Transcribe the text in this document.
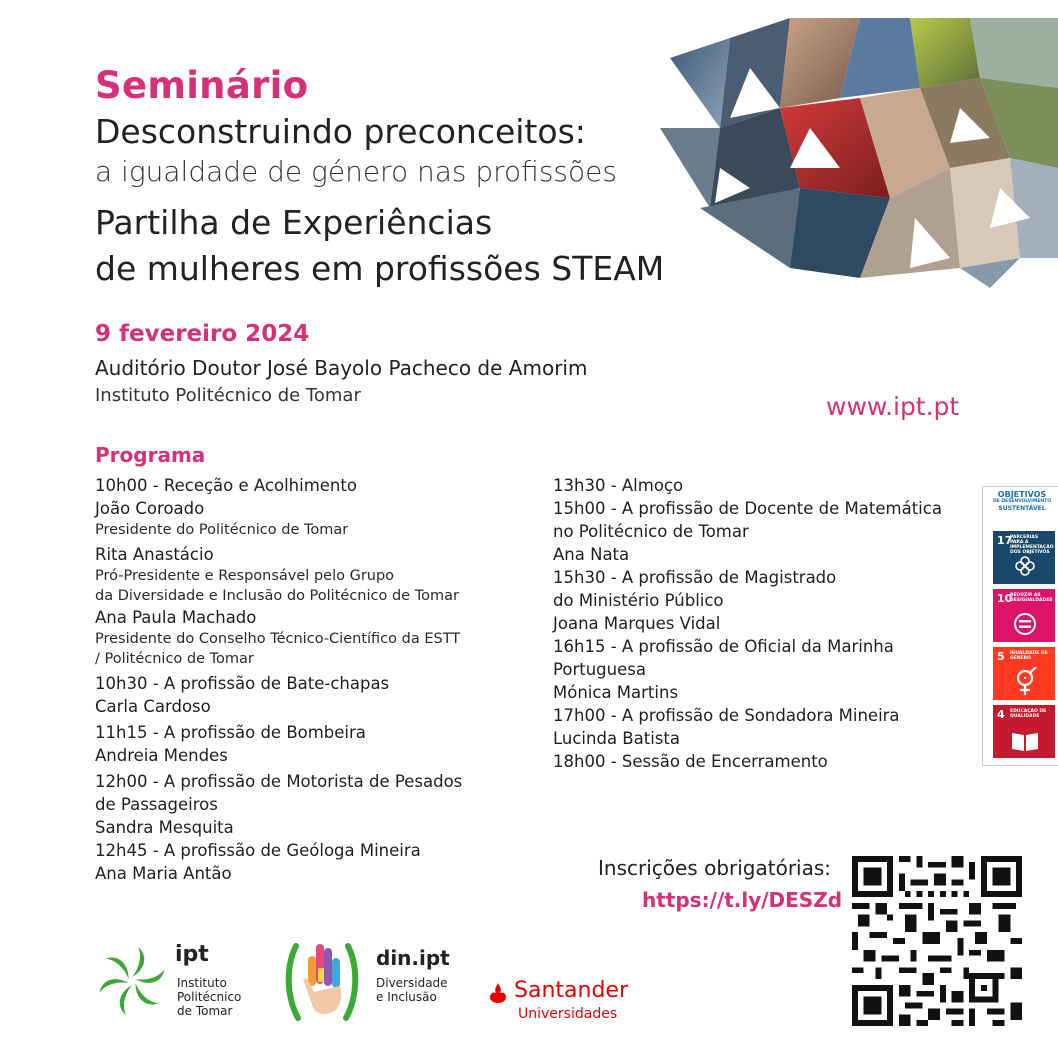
Seminário
Desconstruindo preconceitos:
a igualdade de género nas profissões
Partilha de Experiências
de mulheres em profissões STEAM
9 fevereiro 2024
Auditório Doutor José Bayolo Pacheco de Amorim
Instituto Politécnico de Tomar	www.ipt.pt
Programa
10h00 - Receção e Acolhimento
João Coroado
Presidente do Politécnico de Tomar
Rita Anastácio
Pró-Presidente e Responsável pelo Grupo
da Diversidade e Inclusão do Politécnico de Tomar
Ana Paula Machado
Presidente do Conselho Técnico-Científico da ESTT
/ Politécnico de Tomar
10h30 - A profissão de Bate-chapas
Carla Cardoso
11h15 - A profissão de Bombeira
Andreia Mendes
12h00 - A profissão de Motorista de Pesados
de Passageiros
Sandra Mesquita
12h45 - A profissão de Geóloga Mineira
Ana Maria Antão
13h30 - Almoço
15h00 - A profissão de Docente de Matemática
no Politécnico de Tomar
Ana Nata
15h30 - A profissão de Magistrado
do Ministério Público
Joana Marques Vidal
16h15 - A profissão de Oficial da Marinha
Portuguesa
Mónica Martins
17h00 - A profissão de Sondadora Mineira
Lucinda Batista
18h00 - Sessão de Encerramento
OBJETIVOS
DE DESENVOLVIMENTO
SUSTENTÁVEL
17
PARCERIAS PARA A IMPLEMENTAÇÃO DOS OBJETIVOS
10
REDUZIR AS DESIGUALDADES
5 IGUALDADE DE GÉNERO
4 EDUCAÇÃO DE QUALIDADE
Inscrições obrigatórias:
https://t.ly/DESZd
ipt
Instituto
Politécnico
de Tomar
din.ipt
Diversidade
e Inclusão	Santander
Universidades
